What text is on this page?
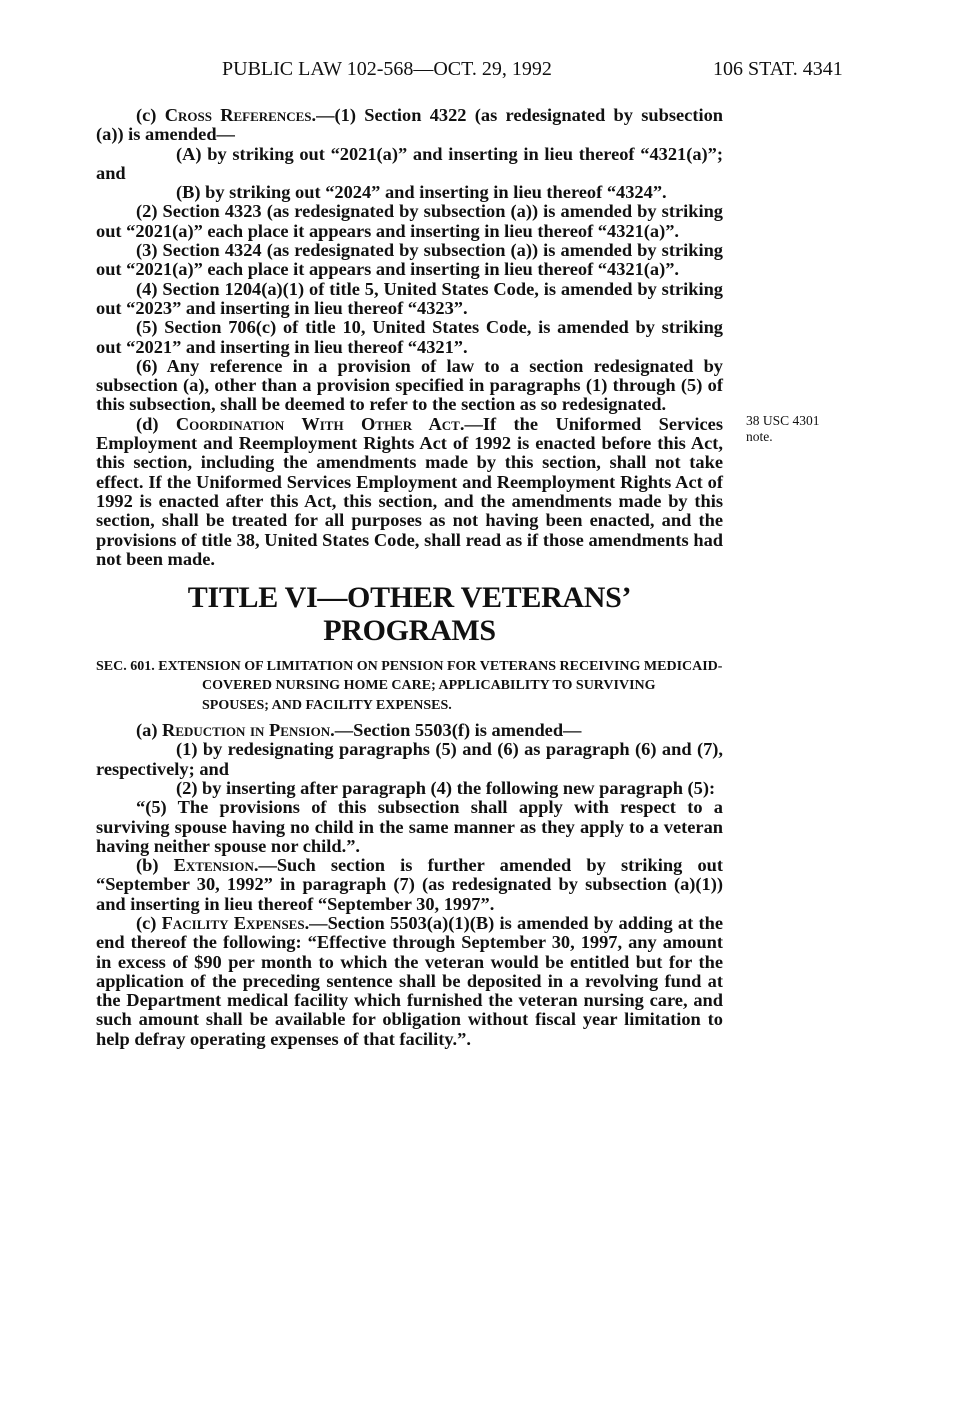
PUBLIC LAW 102-568—OCT. 29, 1992	106 STAT. 4341
38 USC 4301
note.

(c) Cross References.—(1) Section 4322 (as redesignated by subsection (a)) is amended—

(A) by striking out “2021(a)” and inserting in lieu thereof “4321(a)”; and

(B) by striking out “2024” and inserting in lieu thereof “4324”.

(2) Section 4323 (as redesignated by subsection (a)) is amended by striking out “2021(a)” each place it appears and inserting in lieu thereof “4321(a)”.

(3) Section 4324 (as redesignated by subsection (a)) is amended by striking out “2021(a)” each place it appears and inserting in lieu thereof “4321(a)”.

(4) Section 1204(a)(1) of title 5, United States Code, is amended by striking out “2023” and inserting in lieu thereof “4323”.

(5) Section 706(c) of title 10, United States Code, is amended by striking out “2021” and inserting in lieu thereof “4321”.

(6) Any reference in a provision of law to a section redesignated by subsection (a), other than a provision specified in paragraphs (1) through (5) of this subsection, shall be deemed to refer to the section as so redesignated.

(d) Coordination With Other Act.—If the Uniformed Services Employment and Reemployment Rights Act of 1992 is enacted before this Act, this section, including the amendments made by this section, shall not take effect. If the Uniformed Services Employment and Reemployment Rights Act of 1992 is enacted after this Act, this section, and the amendments made by this section, shall be treated for all purposes as not having been enacted, and the provisions of title 38, United States Code, shall read as if those amendments had not been made.

TITLE VI—OTHER VETERANS’
PROGRAMS

SEC. 601. EXTENSION OF LIMITATION ON PENSION FOR VETERANS RECEIVING MEDICAID-COVERED NURSING HOME CARE; APPLICABILITY TO SURVIVING SPOUSES; AND FACILITY EXPENSES.

(a) Reduction in Pension.—Section 5503(f) is amended—

(1) by redesignating paragraphs (5) and (6) as paragraph (6) and (7), respectively; and

(2) by inserting after paragraph (4) the following new paragraph (5):

“(5) The provisions of this subsection shall apply with respect to a surviving spouse having no child in the same manner as they apply to a veteran having neither spouse nor child.”.

(b) Extension.—Such section is further amended by striking out “September 30, 1992” in paragraph (7) (as redesignated by subsection (a)(1)) and inserting in lieu thereof “September 30, 1997”.

(c) Facility Expenses.—Section 5503(a)(1)(B) is amended by adding at the end thereof the following: “Effective through September 30, 1997, any amount in excess of $90 per month to which the veteran would be entitled but for the application of the preceding sentence shall be deposited in a revolving fund at the Department medical facility which furnished the veteran nursing care, and such amount shall be available for obligation without fiscal year limitation to help defray operating expenses of that facility.”.
